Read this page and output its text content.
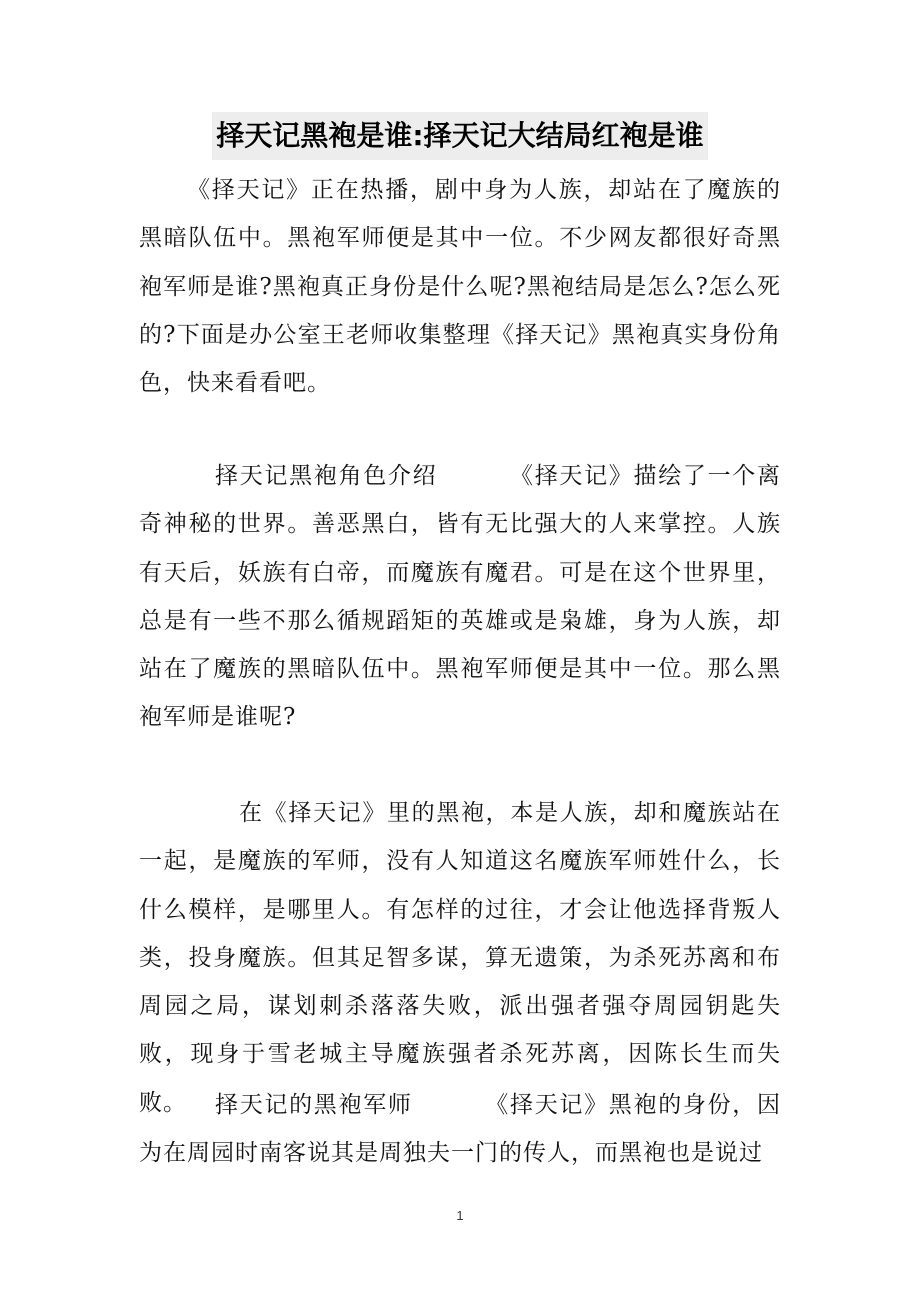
择天记黑袍是谁:择天记大结局红袍是谁

《择天记》正在热播，剧中身为人族，却站在了魔族的黑暗队伍中。黑袍军师便是其中一位。不少网友都很好奇黑袍军师是谁?黑袍真正身份是什么呢?黑袍结局是怎么?怎么死的?下面是办公室王老师收集整理《择天记》黑袍真实身份角色，快来看看吧。

择天记黑袍角色介绍	《择天记》描绘了一个离奇神秘的世界。善恶黑白，皆有无比强大的人来掌控。人族有天后，妖族有白帝，而魔族有魔君。可是在这个世界里，总是有一些不那么循规蹈矩的英雄或是枭雄，身为人族，却站在了魔族的黑暗队伍中。黑袍军师便是其中一位。那么黑袍军师是谁呢?

在《择天记》里的黑袍，本是人族，却和魔族站在一起，是魔族的军师，没有人知道这名魔族军师姓什么，长什么模样，是哪里人。有怎样的过往，才会让他选择背叛人类，投身魔族。但其足智多谋，算无遗策，为杀死苏离和布周园之局，谋划刺杀落落失败，派出强者强夺周园钥匙失败，现身于雪老城主导魔族强者杀死苏离，因陈长生而失败。	择天记的黑袍军师	《择天记》黑袍的身份，因为在周园时南客说其是周独夫一门的传人，而黑袍也是说过

1
